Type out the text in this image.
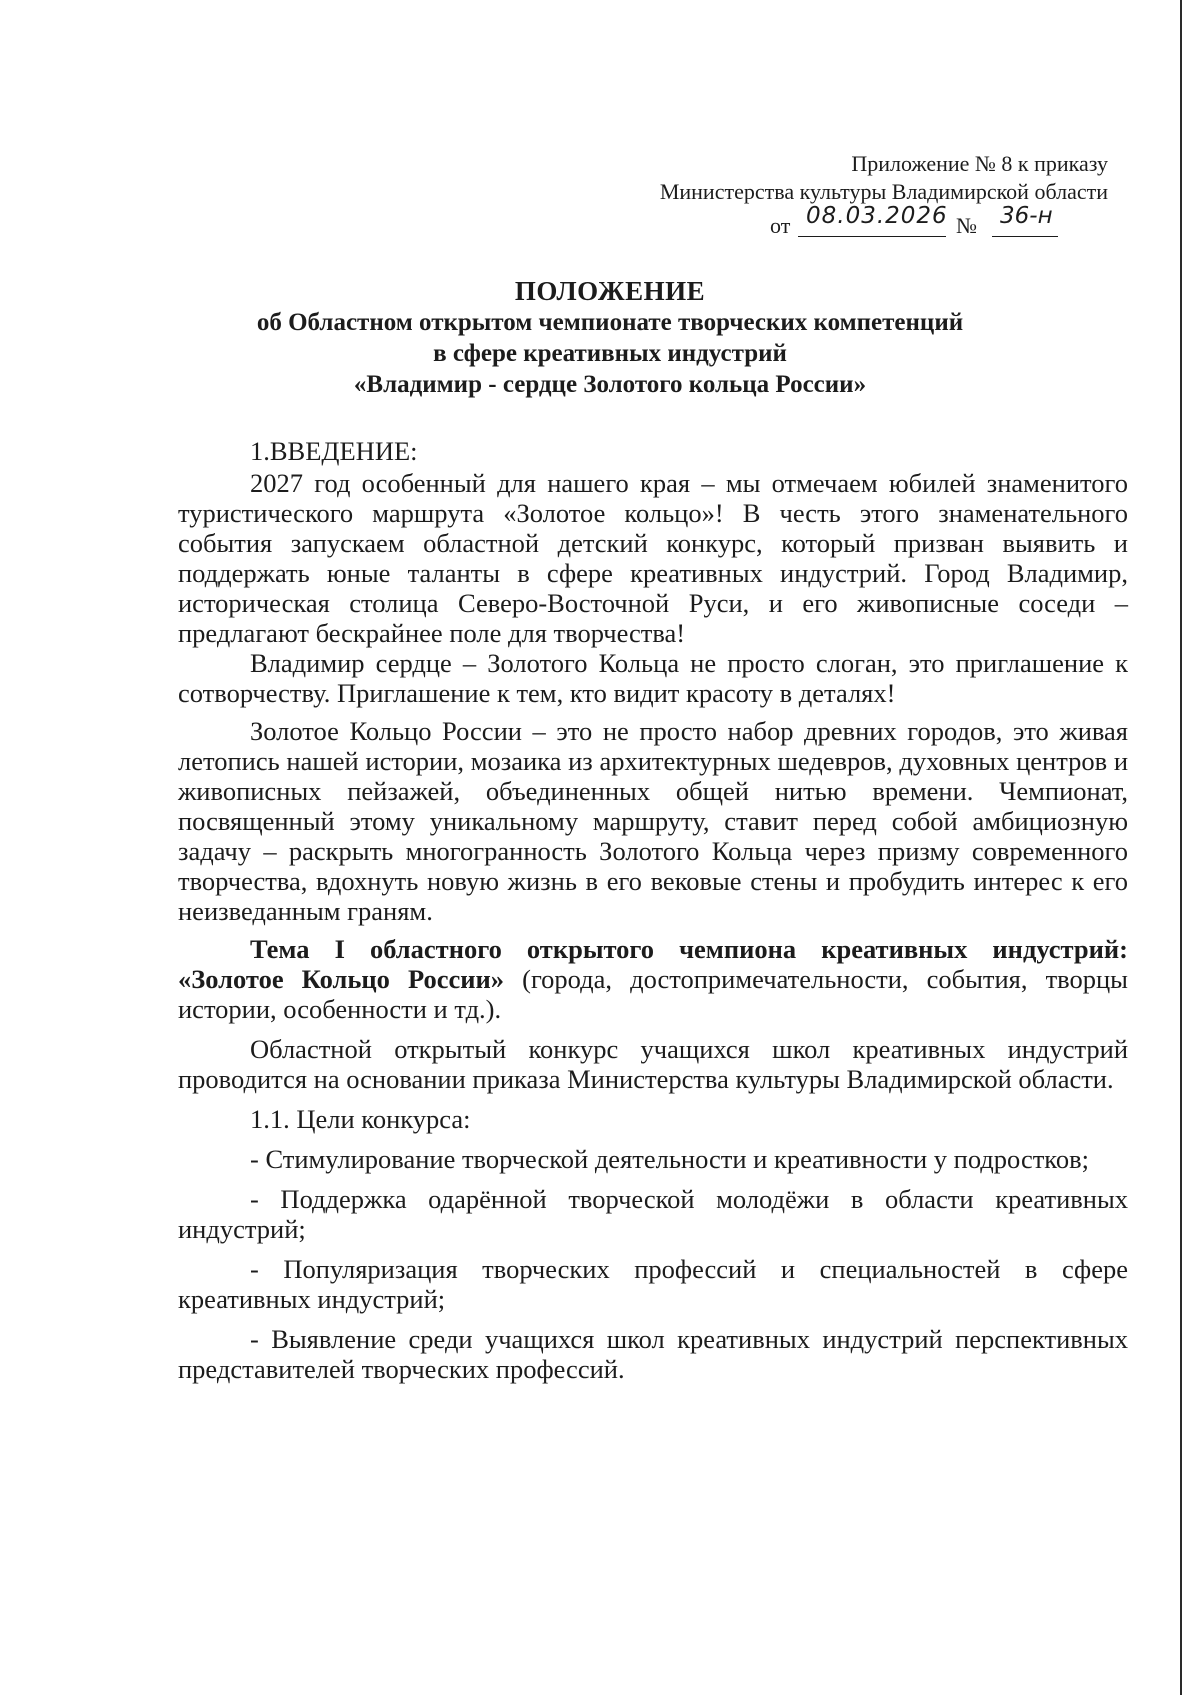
Приложение № 8 к приказу
Министерства культуры Владимирской области
от 08.03.2026 № 36-н
ПОЛОЖЕНИЕ
об Областном открытом чемпионате творческих компетенций
в сфере креативных индустрий
«Владимир - сердце Золотого кольца России»

1.ВВЕДЕНИЕ:

2027 год особенный для нашего края – мы отмечаем юбилей знаменитого туристического маршрута «Золотое кольцо»! В честь этого знаменательного события запускаем областной детский конкурс, который призван выявить и поддержать юные таланты в сфере креативных индустрий. Город Владимир, историческая столица Северо-Восточной Руси, и его живописные соседи – предлагают бескрайнее поле для творчества!

Владимир сердце – Золотого Кольца не просто слоган, это приглашение к сотворчеству. Приглашение к тем, кто видит красоту в деталях!

Золотое Кольцо России – это не просто набор древних городов, это живая летопись нашей истории, мозаика из архитектурных шедевров, духовных центров и живописных пейзажей, объединенных общей нитью времени. Чемпионат, посвященный этому уникальному маршруту, ставит перед собой амбициозную задачу – раскрыть многогранность Золотого Кольца через призму современного творчества, вдохнуть новую жизнь в его вековые стены и пробудить интерес к его неизведанным граням.

Тема I областного открытого чемпиона креативных индустрий: «Золотое Кольцо России» (города, достопримечательности, события, творцы истории, особенности и тд.).

Областной открытый конкурс учащихся школ креативных индустрий проводится на основании приказа Министерства культуры Владимирской области.

1.1. Цели конкурса:

- Стимулирование творческой деятельности и креативности у подростков;

- Поддержка одарённой творческой молодёжи в области креативных индустрий;

- Популяризация творческих профессий и специальностей в сфере креативных индустрий;

- Выявление среди учащихся школ креативных индустрий перспективных представителей творческих профессий.
